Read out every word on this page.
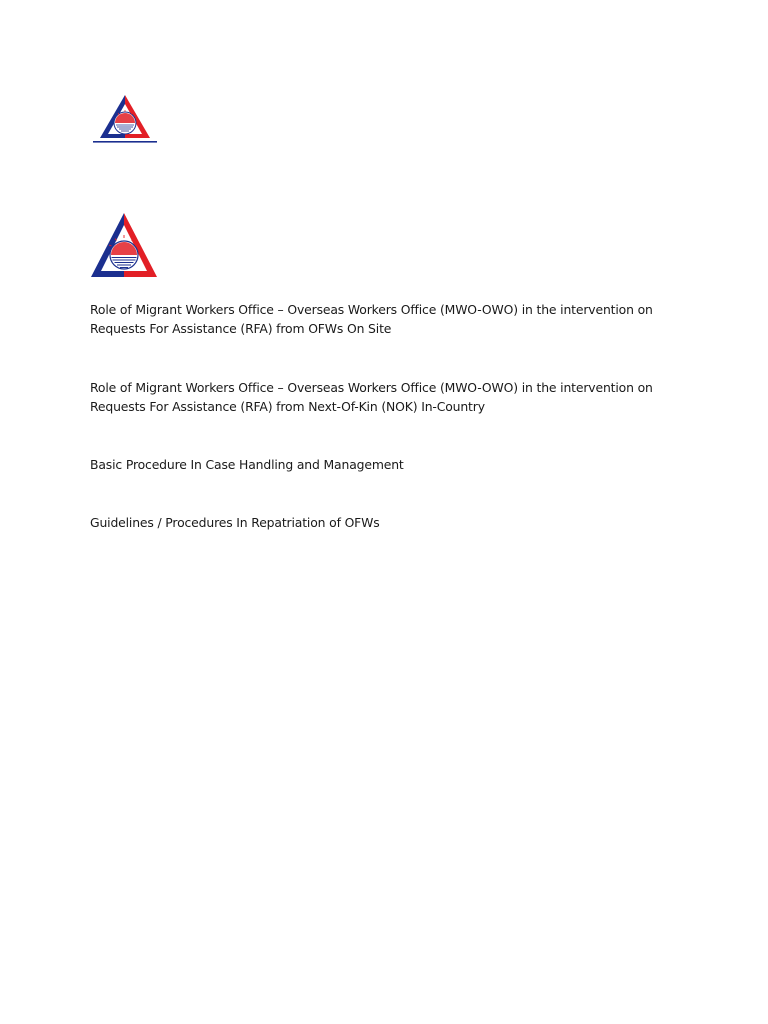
Role of Migrant Workers Office – Overseas Workers Office (MWO-OWO) in the intervention on Requests For Assistance (RFA) from OFWs On Site

Role of Migrant Workers Office – Overseas Workers Office (MWO-OWO) in the intervention on Requests For Assistance (RFA) from Next-Of-Kin (NOK) In-Country

Basic Procedure In Case Handling and Management

Guidelines / Procedures In Repatriation of OFWs
